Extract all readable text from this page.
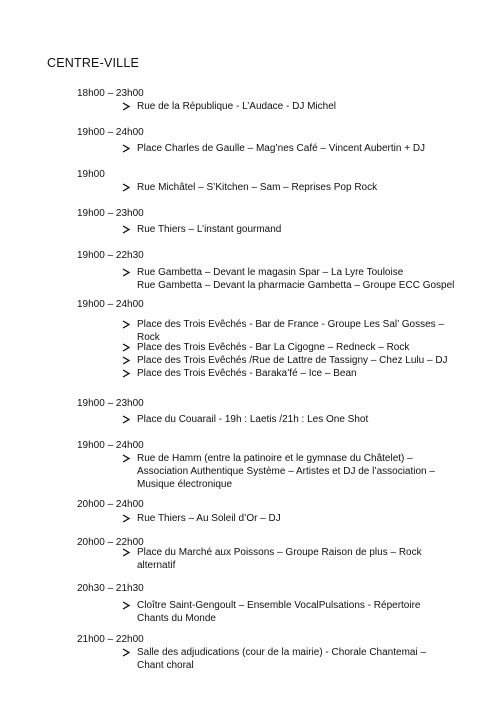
CENTRE-VILLE
18h00 – 23h00
Rue de la République - L’Audace - DJ Michel
19h00 – 24h00
Place Charles de Gaulle – Mag’nes Café – Vincent Aubertin + DJ
19h00
Rue Michâtel – S’Kitchen – Sam – Reprises Pop Rock
19h00 – 23h00
Rue Thiers – L’instant gourmand
19h00 – 22h30
Rue Gambetta – Devant le magasin Spar – La Lyre Touloise
Rue Gambetta – Devant la pharmacie Gambetta – Groupe ECC Gospel
19h00 – 24h00
Place des Trois Evêchés - Bar de France - Groupe Les Sal’ Gosses –
Rock
Place des Trois Evêchés - Bar La Cigogne – Redneck – Rock
Place des Trois Evêchés /Rue de Lattre de Tassigny – Chez Lulu – DJ
Place des Trois Evêchés - Baraka’fé – Ice – Bean
19h00 – 23h00
Place du Couarail - 19h : Laetis /21h : Les One Shot
19h00 – 24h00
Rue de Hamm (entre la patinoire et le gymnase du Châtelet) –
Association Authentique Système – Artistes et DJ de l’association –
Musique électronique
20h00 – 24h00
Rue Thiers – Au Soleil d’Or – DJ
20h00 – 22h00
Place du Marché aux Poissons – Groupe Raison de plus – Rock
alternatif
20h30 – 21h30
Cloître Saint-Gengoult – Ensemble VocalPulsations - Répertoire
Chants du Monde
21h00 – 22h00
Salle des adjudications (cour de la mairie) - Chorale Chantemai –
Chant choral
